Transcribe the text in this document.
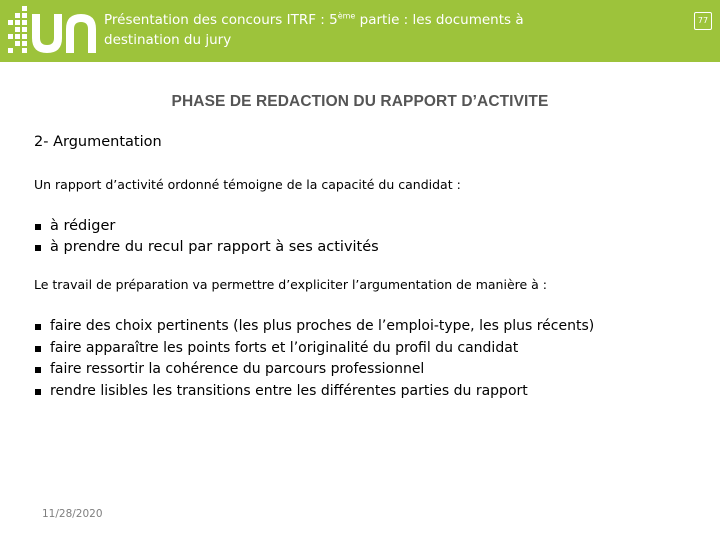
Présentation des concours ITRF : 5ème partie : les documents à
destination du jury
77
PHASE DE REDACTION DU RAPPORT D’ACTIVITE
2- Argumentation
Un rapport d’activité ordonné témoigne de la capacité du candidat :
à rédiger
à prendre du recul par rapport à ses activités
Le travail de préparation va permettre d’expliciter l’argumentation de manière à :
faire des choix pertinents (les plus proches de l’emploi-type, les plus récents)
faire apparaître les points forts et l’originalité du profil du candidat
faire ressortir la cohérence du parcours professionnel
rendre lisibles les transitions entre les différentes parties du rapport
11/28/2020
